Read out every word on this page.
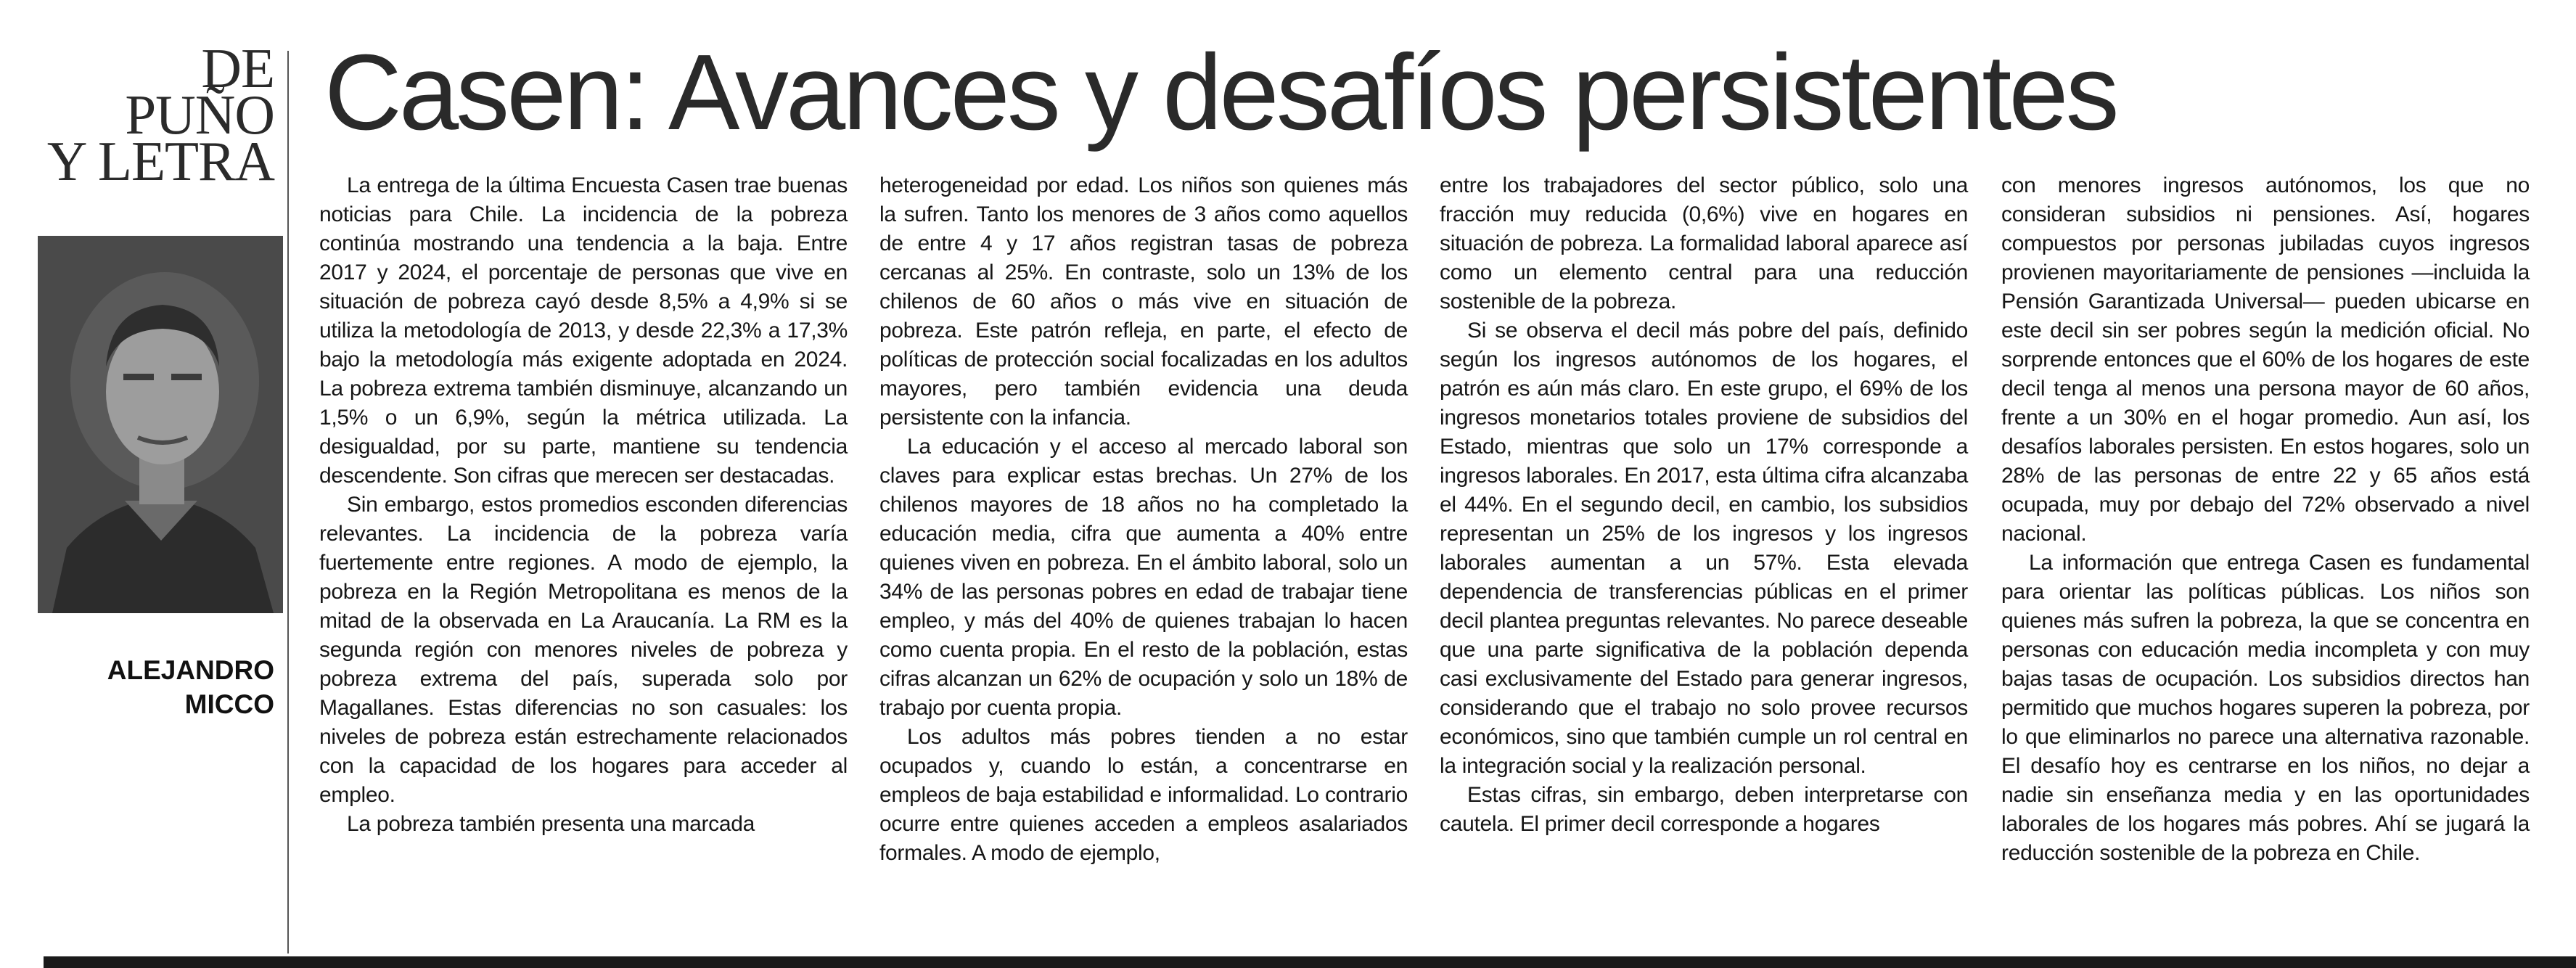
DE
PUÑO
Y LETRA
ALEJANDRO
MICCO
Casen: Avances y desafíos persistentes

La entrega de la última Encuesta Casen trae buenas noticias para Chile. La incidencia de la pobreza continúa mostrando una tendencia a la baja. Entre 2017 y 2024, el porcentaje de personas que vive en situación de pobreza cayó desde 8,5% a 4,9% si se utiliza la metodología de 2013, y desde 22,3% a 17,3% bajo la metodología más exigente adoptada en 2024. La pobreza extrema también disminuye, alcanzando un 1,5% o un 6,9%, según la métrica utilizada. La desigualdad, por su parte, mantiene su tendencia descendente. Son cifras que merecen ser destacadas.

Sin embargo, estos promedios esconden diferencias relevantes. La incidencia de la pobreza varía fuertemente entre regiones. A modo de ejemplo, la pobreza en la Región Metropolitana es menos de la mitad de la observada en La Araucanía. La RM es la segunda región con menores niveles de pobreza y pobreza extrema del país, superada solo por Magallanes. Estas diferencias no son casuales: los niveles de pobreza están estrechamente relacionados con la capacidad de los hogares para acceder al empleo.

La pobreza también presenta una marcada

heterogeneidad por edad. Los niños son quienes más la sufren. Tanto los menores de 3 años como aquellos de entre 4 y 17 años registran tasas de pobreza cercanas al 25%. En contraste, solo un 13% de los chilenos de 60 años o más vive en situación de pobreza. Este patrón refleja, en parte, el efecto de políticas de protección social focalizadas en los adultos mayores, pero también evidencia una deuda persistente con la infancia.

La educación y el acceso al mercado laboral son claves para explicar estas brechas. Un 27% de los chilenos mayores de 18 años no ha completado la educación media, cifra que aumenta a 40% entre quienes viven en pobreza. En el ámbito laboral, solo un 34% de las personas pobres en edad de trabajar tiene empleo, y más del 40% de quienes trabajan lo hacen como cuenta propia. En el resto de la población, estas cifras alcanzan un 62% de ocupación y solo un 18% de trabajo por cuenta propia.

Los adultos más pobres tienden a no estar ocupados y, cuando lo están, a concentrarse en empleos de baja estabilidad e informalidad. Lo contrario ocurre entre quienes acceden a empleos asalariados formales. A modo de ejemplo,

entre los trabajadores del sector público, solo una fracción muy reducida (0,6%) vive en hogares en situación de pobreza. La formalidad laboral aparece así como un elemento central para una reducción sostenible de la pobreza.

Si se observa el decil más pobre del país, definido según los ingresos autónomos de los hogares, el patrón es aún más claro. En este grupo, el 69% de los ingresos monetarios totales proviene de subsidios del Estado, mientras que solo un 17% corresponde a ingresos laborales. En 2017, esta última cifra alcanzaba el 44%. En el segundo decil, en cambio, los subsidios representan un 25% de los ingresos y los ingresos laborales aumentan a un 57%. Esta elevada dependencia de transferencias públicas en el primer decil plantea preguntas relevantes. No parece deseable que una parte significativa de la población dependa casi exclusivamente del Estado para generar ingresos, considerando que el trabajo no solo provee recursos económicos, sino que también cumple un rol central en la integración social y la realización personal.

Estas cifras, sin embargo, deben interpretarse con cautela. El primer decil corresponde a hogares

con menores ingresos autónomos, los que no consideran subsidios ni pensiones. Así, hogares compuestos por personas jubiladas cuyos ingresos provienen mayoritariamente de pensiones —incluida la Pensión Garantizada Universal— pueden ubicarse en este decil sin ser pobres según la medición oficial. No sorprende entonces que el 60% de los hogares de este decil tenga al menos una persona mayor de 60 años, frente a un 30% en el hogar promedio. Aun así, los desafíos laborales persisten. En estos hogares, solo un 28% de las personas de entre 22 y 65 años está ocupada, muy por debajo del 72% observado a nivel nacional.

La información que entrega Casen es fundamental para orientar las políticas públicas. Los niños son quienes más sufren la pobreza, la que se concentra en personas con educación media incompleta y con muy bajas tasas de ocupación. Los subsidios directos han permitido que muchos hogares superen la pobreza, por lo que eliminarlos no parece una alternativa razonable. El desafío hoy es centrarse en los niños, no dejar a nadie sin enseñanza media y en las oportunidades laborales de los hogares más pobres. Ahí se jugará la reducción sostenible de la pobreza en Chile.
